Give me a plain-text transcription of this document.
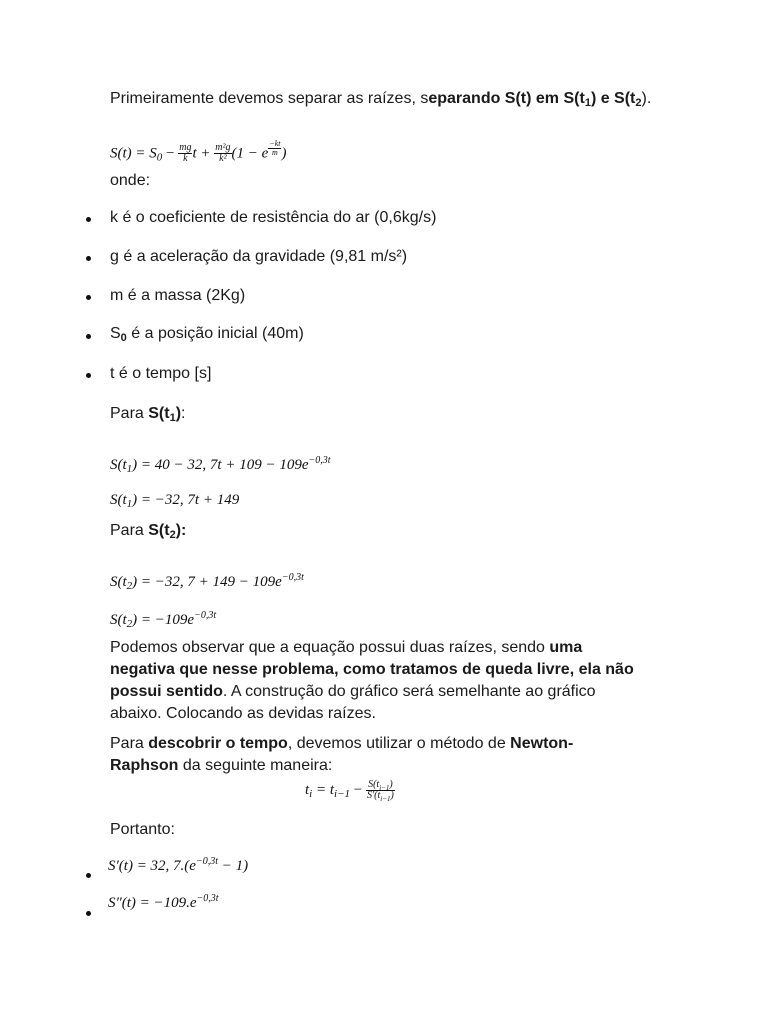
Primeiramente devemos separar as raízes, separando S(t) em $S(t_1)$ e $S(t_2)$.
$S(t) = S_0 - \frac{mg}{k}$ $t + \frac{\text{m²g}}{\text{k²}} (1 - e$ $^{\frac{-kt}{m}}$ )
onde:
k é o coeficiente de resistência do ar (0,6kg/s)
g é a aceleração da gravidade (9,81 m/s²)
m é a massa (2Kg)
$S_0$ é a posição inicial (40m)
t é o tempo [s]
Para $S(t_1)$:
$S(t_1) = 40 - 32$, $7t + 109 - 109e^{-0,3t}$
$S(t_1) = -32$, 7t + 149
Para $S(t_2)$:
$S(t_2) = -32$, $7 + 149 - 109e^{-0,3t}$
$S(t_2) = -109e^{-0,3t}$
Podemos observar que a equação possui duas raízes, sendo uma negativa que nesse problema, como tratamos de queda livre, ela não possui sentido. A construção do gráfico será semelhante ao gráfico abaixo. Colocando as devidas raízes.
Para descobrir o tempo, devemos utilizar o método de Newton-Raphson da seguinte maneira:
$t_i = t_{i-1} - \frac{S(t_{i-1})}{S'(t_{i-1})}$
Portanto:
S′(t) = 32, $7.(e^{-0,3t} - 1)$
$S''(t) = -109.e^{-0,3t}$
